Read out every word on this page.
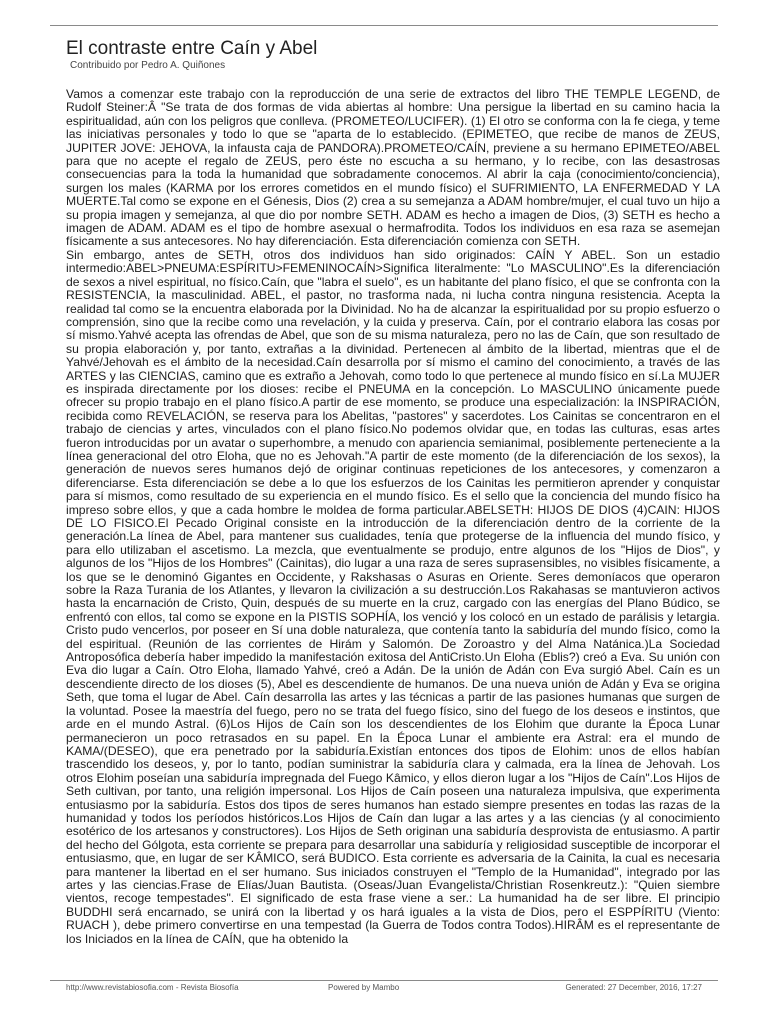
El contraste entre Caín y Abel
Contribuido por Pedro A. Quiñones

Vamos a comenzar este trabajo con la reproducción de una serie de extractos del libro THE TEMPLE LEGEND, de Rudolf Steiner:Â "Se trata de dos formas de vida abiertas al hombre: Una persigue la libertad en su camino hacia la espiritualidad, aún con los peligros que conlleva. (PROMETEO/LUCIFER). (1) El otro se conforma con la fe ciega, y teme las iniciativas personales y todo lo que se "aparta de lo establecido. (EPIMETEO, que recibe de manos de ZEUS, JUPITER JOVE: JEHOVA, la infausta caja de PANDORA).PROMETEO/CAÍN, previene a su hermano EPIMETEO/ABEL para que no acepte el regalo de ZEUS, pero éste no escucha a su hermano, y lo recibe, con las desastrosas consecuencias para la toda la humanidad que sobradamente conocemos. Al abrir la caja (conocimiento/conciencia), surgen los males (KARMA por los errores cometidos en el mundo físico) el SUFRIMIENTO, LA ENFERMEDAD Y LA MUERTE.Tal como se expone en el Génesis, Dios (2) crea a su semejanza a ADAM hombre/mujer, el cual tuvo un hijo a su propia imagen y semejanza, al que dio por nombre SETH. ADAM es hecho a imagen de Dios, (3) SETH es hecho a imagen de ADAM. ADAM es el tipo de hombre asexual o hermafrodita. Todos los individuos en esa raza se asemejan físicamente a sus antecesores. No hay diferenciación. Esta diferenciación comienza con SETH.

Sin embargo, antes de SETH, otros dos individuos han sido originados: CAÍN Y ABEL. Son un estadio intermedio:ABEL>PNEUMA:ESPÍRITU>FEMENINOCAÍN>Significa literalmente: "Lo MASCULINO".Es la diferenciación de sexos a nivel espiritual, no físico.Caín, que "labra el suelo", es un habitante del plano físico, el que se confronta con la RESISTENCIA, la masculinidad. ABEL, el pastor, no trasforma nada, ni lucha contra ninguna resistencia. Acepta la realidad tal como se la encuentra elaborada por la Divinidad. No ha de alcanzar la espiritualidad por su propio esfuerzo o comprensión, sino que la recibe como una revelación, y la cuida y preserva. Caín, por el contrario elabora las cosas por sí mismo.Yahvé acepta las ofrendas de Abel, que son de su misma naturaleza, pero no las de Caín, que son resultado de su propia elaboración y, por tanto, extrañas a la divinidad. Pertenecen al ámbito de la libertad, mientras que el de Yahvé/Jehovah es el ámbito de la necesidad.Caín desarrolla por sí mismo el camino del conocimiento, a través de las ARTES y las CIENCIAS, camino que es extraño a Jehovah, como todo lo que pertenece al mundo físico en sí.La MUJER es inspirada directamente por los dioses: recibe el PNEUMA en la concepción. Lo MASCULINO únicamente puede ofrecer su propio trabajo en el plano físico.A partir de ese momento, se produce una especialización: la INSPIRACIÓN, recibida como REVELACIÓN, se reserva para los Abelitas, "pastores" y sacerdotes. Los Cainitas se concentraron en el trabajo de ciencias y artes, vinculados con el plano físico.No podemos olvidar que, en todas las culturas, esas artes fueron introducidas por un avatar o superhombre, a menudo con apariencia semianimal, posiblemente perteneciente a la línea generacional del otro Eloha, que no es Jehovah."A partir de este momento (de la diferenciación de los sexos), la generación de nuevos seres humanos dejó de originar continuas repeticiones de los antecesores, y comenzaron a diferenciarse. Esta diferenciación se debe a lo que los esfuerzos de los Cainitas les permitieron aprender y conquistar para sí mismos, como resultado de su experiencia en el mundo físico. Es el sello que la conciencia del mundo físico ha impreso sobre ellos, y que a cada hombre le moldea de forma particular.ABELSETH: HIJOS DE DIOS (4)CAIN: HIJOS DE LO FISICO.El Pecado Original consiste en la introducción de la diferenciación dentro de la corriente de la generación.La línea de Abel, para mantener sus cualidades, tenía que protegerse de la influencia del mundo físico, y para ello utilizaban el ascetismo. La mezcla, que eventualmente se produjo, entre algunos de los "Hijos de Dios", y algunos de los "Hijos de los Hombres" (Cainitas), dio lugar a una raza de seres suprasensibles, no visibles físicamente, a los que se le denominó Gigantes en Occidente, y Rakshasas o Asuras en Oriente. Seres demoníacos que operaron sobre la Raza Turania de los Atlantes, y llevaron la civilización a su destrucción.Los Rakahasas se mantuvieron activos hasta la encarnación de Cristo, Quin, después de su muerte en la cruz, cargado con las energías del Plano Búdico, se enfrentó con ellos, tal como se expone en la PISTIS SOPHÍA, los venció y los colocó en un estado de parálisis y letargia. Cristo pudo vencerlos, por poseer en Sí una doble naturaleza, que contenía tanto la sabiduría del mundo físico, como la del espiritual. (Reunión de las corrientes de Hirám y Salomón. De Zoroastro y del Alma Natánica.)La Sociedad Antroposófica debería haber impedido la manifestación exitosa del AntiCristo.Un Eloha (Eblis?) creó a Eva. Su unión con Eva dio lugar a Caín. Otro Eloha, llamado Yahvé, creó a Adán. De la unión de Adán con Eva surgió Abel. Caín es un descendiente directo de los dioses (5), Abel es descendiente de humanos. De una nueva unión de Adán y Eva se origina Seth, que toma el lugar de Abel. Caín desarrolla las artes y las técnicas a partir de las pasiones humanas que surgen de la voluntad. Posee la maestría del fuego, pero no se trata del fuego físico, sino del fuego de los deseos e instintos, que arde en el mundo Astral. (6)Los Hijos de Caín son los descendientes de los Elohim que durante la Época Lunar permanecieron un poco retrasados en su papel. En la Época Lunar el ambiente era Astral: era el mundo de KAMA/(DESEO), que era penetrado por la sabiduría.Existían entonces dos tipos de Elohim: unos de ellos habían trascendido los deseos, y, por lo tanto, podían suministrar la sabiduría clara y calmada, era la línea de Jehovah. Los otros Elohim poseían una sabiduría impregnada del Fuego Kâmico, y ellos dieron lugar a los "Hijos de Caín".Los Hijos de Seth cultivan, por tanto, una religión impersonal. Los Hijos de Caín poseen una naturaleza impulsiva, que experimenta entusiasmo por la sabiduría. Estos dos tipos de seres humanos han estado siempre presentes en todas las razas de la humanidad y todos los períodos históricos.Los Hijos de Caín dan lugar a las artes y a las ciencias (y al conocimiento esotérico de los artesanos y constructores). Los Hijos de Seth originan una sabiduría desprovista de entusiasmo. A partir del hecho del Gólgota, esta corriente se prepara para desarrollar una sabiduría y religiosidad susceptible de incorporar el entusiasmo, que, en lugar de ser KÂMICO, será BUDICO. Esta corriente es adversaria de la Cainita, la cual es necesaria para mantener la libertad en el ser humano. Sus iniciados construyen el "Templo de la Humanidad", integrado por las artes y las ciencias.Frase de Elías/Juan Bautista. (Oseas/Juan Evangelista/Christian Rosenkreutz.): "Quien siembre vientos, recoge tempestades". El significado de esta frase viene a ser.: La humanidad ha de ser libre. El principio BUDDHI será encarnado, se unirá con la libertad y os hará iguales a la vista de Dios, pero el ESPPÍRITU (Viento: RUACH ), debe primero convertirse en una tempestad (la Guerra de Todos contra Todos).HIRÂM es el representante de los Iniciados en la línea de CAÍN, que ha obtenido la

http://www.revistabiosofia.com - Revista Biosofía	Powered by Mambo	Generated: 27 December, 2016, 17:27
